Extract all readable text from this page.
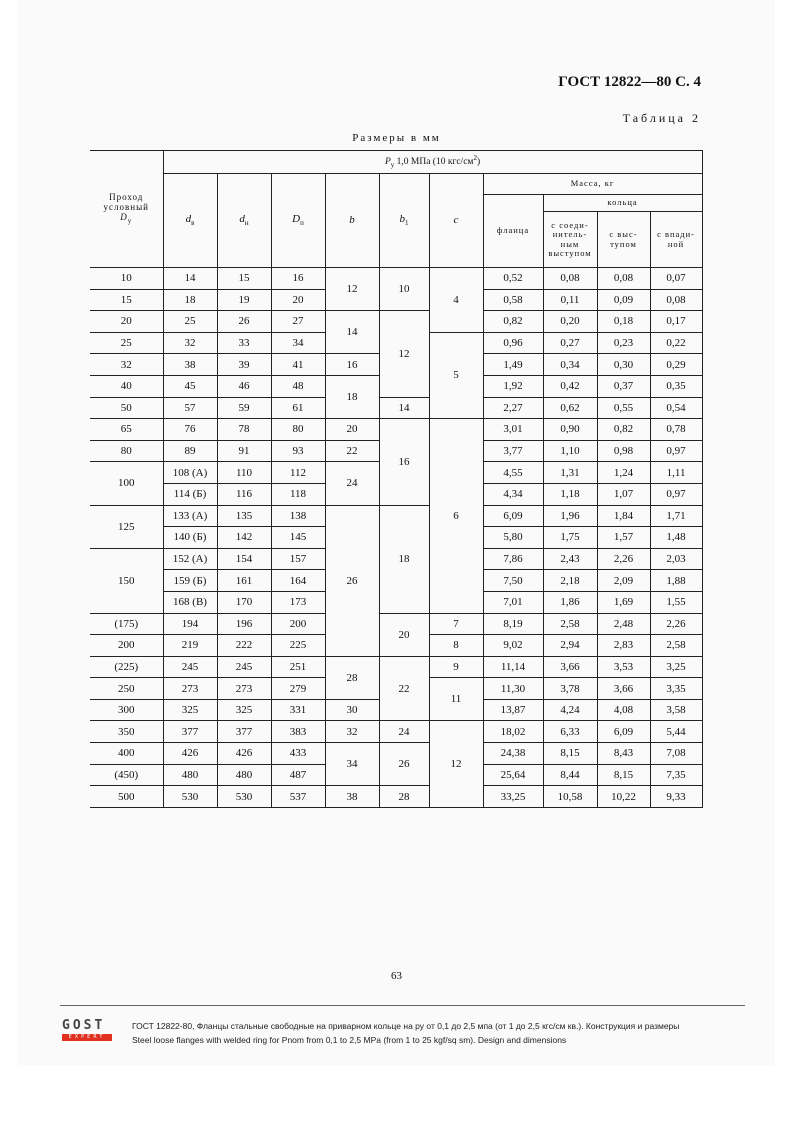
ГОСТ 12822—80 С. 4
Таблица 2
Размеры в мм
Проход
условный
$D_у$	$P_у$ 1,0 МПа (10 кгс/$см^2$)									
	$d_в$	$d_н$	$D_п$	b	$b_1$	c	Масса, кг			
							фланца	кольца		
								с соеди-нитель-ным выступом	с выс-тупом	с впади-ной
10	14	15	16	12	10	4	0,52	0,08	0,08	0,07
15	18	19	20				0,58	0,11	0,09	0,08
20	25	26	27	14	12		0,82	0,20	0,18	0,17
25	32	33	34			5	0,96	0,27	0,23	0,22
32	38	39	41	16			1,49	0,34	0,30	0,29
40	45	46	48	18			1,92	0,42	0,37	0,35
50	57	59	61		14		2,27	0,62	0,55	0,54
65	76	78	80	20	16	6	3,01	0,90	0,82	0,78
80	89	91	93	22			3,77	1,10	0,98	0,97
100	108 (А)	110	112	24			4,55	1,31	1,24	1,11
	114 (Б)	116	118				4,34	1,18	1,07	0,97
125	133 (А)	135	138	26	18		6,09	1,96	1,84	1,71
	140 (Б)	142	145				5,80	1,75	1,57	1,48
150	152 (А)	154	157				7,86	2,43	2,26	2,03
	159 (Б)	161	164				7,50	2,18	2,09	1,88
	168 (В)	170	173				7,01	1,86	1,69	1,55
(175)	194	196	200		20	7	8,19	2,58	2,48	2,26
200	219	222	225			8	9,02	2,94	2,83	2,58
(225)	245	245	251	28	22	9	11,14	3,66	3,53	3,25
250	273	273	279			11	11,30	3,78	3,66	3,35
300	325	325	331	30			13,87	4,24	4,08	3,58
350	377	377	383	32	24	12	18,02	6,33	6,09	5,44
400	426	426	433	34	26		24,38	8,15	8,43	7,08
(450)	480	480	487				25,64	8,44	8,15	7,35
500	530	530	537	38	28		33,25	10,58	10,22	9,33
63
GOST
EXPERT
ГОСТ 12822-80, Фланцы стальные свободные на приварном кольце на ру от 0,1 до 2,5 мпа (от 1 до 2,5 кгс/см кв.). Конструкция и размеры
Steel loose flanges with welded ring for Pnom from 0,1 to 2,5 MPa (from 1 to 25 kgf/sq sm). Design and dimensions
